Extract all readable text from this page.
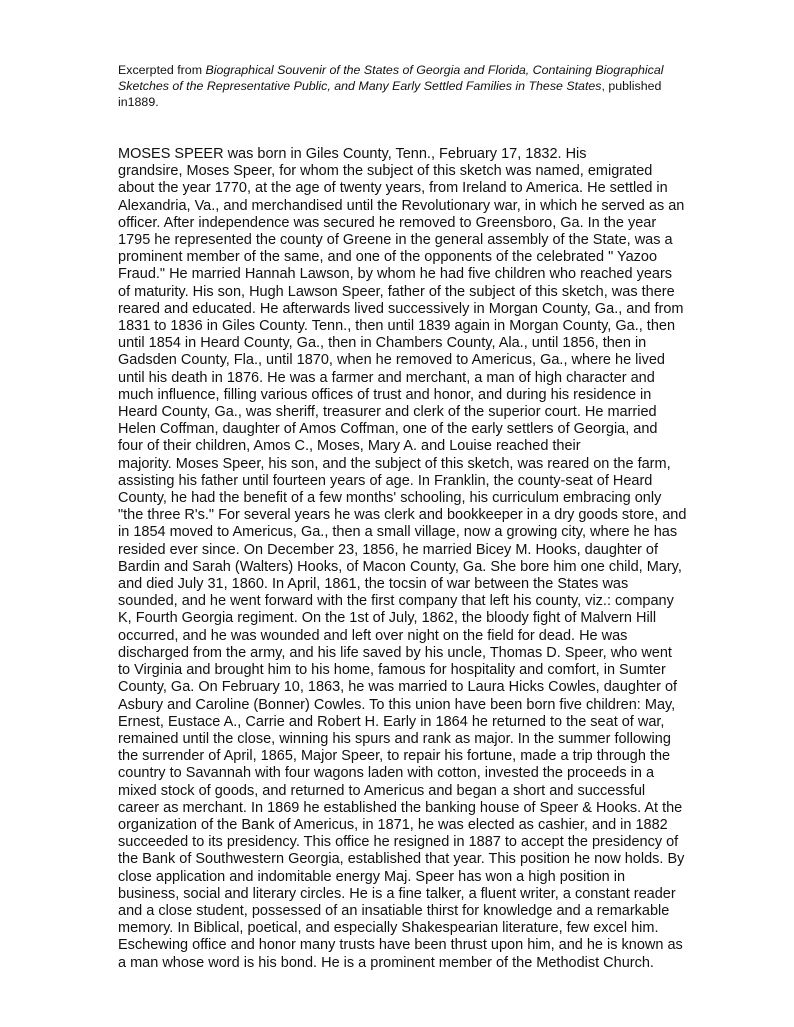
Excerpted from Biographical Souvenir of the States of Georgia and Florida, Containing Biographical Sketches of the Representative Public, and Many Early Settled Families in These States, published in1889.

MOSES SPEER was born in Giles County, Tenn., February 17, 1832. His
grandsire, Moses Speer, for whom the subject of this sketch was named, emigrated
about the year 1770, at the age of twenty years, from Ireland to America. He settled in
Alexandria, Va., and merchandised until the Revolutionary war, in which he served as an
officer. After independence was secured he removed to Greensboro, Ga. In the year
1795 he represented the county of Greene in the general assembly of the State, was a
prominent member of the same, and one of the opponents of the celebrated " Yazoo
Fraud." He married Hannah Lawson, by whom he had five children who reached years
of maturity. His son, Hugh Lawson Speer, father of the subject of this sketch, was there
reared and educated. He afterwards lived successively in Morgan County, Ga., and from
1831 to 1836 in Giles County. Tenn., then until 1839 again in Morgan County, Ga., then
until 1854 in Heard County, Ga., then in Chambers County, Ala., until 1856, then in
Gadsden County, Fla., until 1870, when he removed to Americus, Ga., where he lived
until his death in 1876. He was a farmer and merchant, a man of high character and
much influence, filling various offices of trust and honor, and during his residence in
Heard County, Ga., was sheriff, treasurer and clerk of the superior court. He married
Helen Coffman, daughter of Amos Coffman, one of the early settlers of Georgia, and
four of their children, Amos C., Moses, Mary A. and Louise reached their
majority. Moses Speer, his son, and the subject of this sketch, was reared on the farm,
assisting his father until fourteen years of age. In Franklin, the county-seat of Heard
County, he had the benefit of a few months' schooling, his curriculum embracing only
"the three R's." For several years he was clerk and bookkeeper in a dry goods store, and
in 1854 moved to Americus, Ga., then a small village, now a growing city, where he has
resided ever since. On December 23, 1856, he married Bicey M. Hooks, daughter of
Bardin and Sarah (Walters) Hooks, of Macon County, Ga. She bore him one child, Mary,
and died July 31, 1860. In April, 1861, the tocsin of war between the States was
sounded, and he went forward with the first company that left his county, viz.: company
K, Fourth Georgia regiment. On the 1st of July, 1862, the bloody fight of Malvern Hill
occurred, and he was wounded and left over night on the field for dead. He was
discharged from the army, and his life saved by his uncle, Thomas D. Speer, who went
to Virginia and brought him to his home, famous for hospitality and comfort, in Sumter
County, Ga. On February 10, 1863, he was married to Laura Hicks Cowles, daughter of
Asbury and Caroline (Bonner) Cowles. To this union have been born five children: May,
Ernest, Eustace A., Carrie and Robert H. Early in 1864 he returned to the seat of war,
remained until the close, winning his spurs and rank as major. In the summer following
the surrender of April, 1865, Major Speer, to repair his fortune, made a trip through the
country to Savannah with four wagons laden with cotton, invested the proceeds in a
mixed stock of goods, and returned to Americus and began a short and successful
career as merchant. In 1869 he established the banking house of Speer & Hooks. At the
organization of the Bank of Americus, in 1871, he was elected as cashier, and in 1882
succeeded to its presidency. This office he resigned in 1887 to accept the presidency of
the Bank of Southwestern Georgia, established that year. This position he now holds. By
close application and indomitable energy Maj. Speer has won a high position in
business, social and literary circles. He is a fine talker, a fluent writer, a constant reader
and a close student, possessed of an insatiable thirst for knowledge and a remarkable
memory. In Biblical, poetical, and especially Shakespearian literature, few excel him.
Eschewing office and honor many trusts have been thrust upon him, and he is known as
a man whose word is his bond. He is a prominent member of the Methodist Church.
